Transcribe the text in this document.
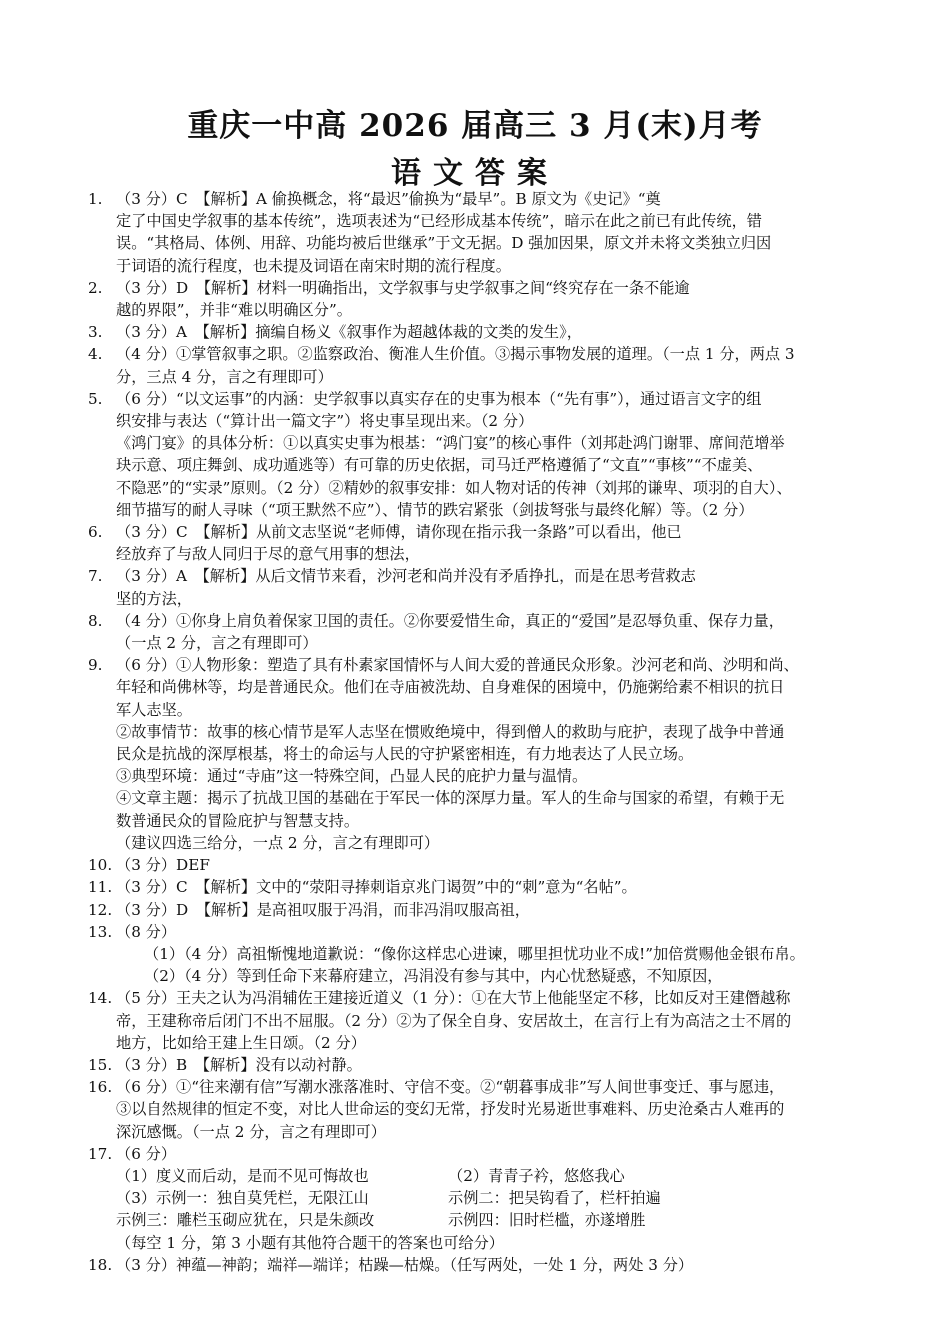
重庆一中高 2026 届高三 3 月(末)月考
语文答案
1. （3 分）C　【解析】A 偷换概念，将“最迟”偷换为“最早”。B 原文为《史记》“奠
定了中国史学叙事的基本传统”，选项表述为“已经形成基本传统”，暗示在此之前已有此传统，错
误。“其格局、体例、用辞、功能均被后世继承”于文无据。D 强加因果，原文并未将文类独立归因
于词语的流行程度，也未提及词语在南宋时期的流行程度。
2. （3 分）D　【解析】材料一明确指出，文学叙事与史学叙事之间“终究存在一条不能逾
越的界限”，并非“难以明确区分”。
3. （3 分）A　【解析】摘编自杨义《叙事作为超越体裁的文类的发生》，
4. （4 分）①掌管叙事之职。②监察政治、衡准人生价值。③揭示事物发展的道理。（一点 1 分，两点 3
分，三点 4 分，言之有理即可）
5. （6 分）“以文运事”的内涵：史学叙事以真实存在的史事为根本（“先有事”），通过语言文字的组
织安排与表达（“算计出一篇文字”）将史事呈现出来。（2 分）
《鸿门宴》的具体分析：①以真实史事为根基：“鸿门宴”的核心事件（刘邦赴鸿门谢罪、席间范增举
玦示意、项庄舞剑、成功遁逃等）有可靠的历史依据，司马迁严格遵循了“文直”“事核”“不虚美、
不隐恶”的“实录”原则。（2 分）②精妙的叙事安排：如人物对话的传神（刘邦的谦卑、项羽的自大）、
细节描写的耐人寻味（“项王默然不应”）、情节的跌宕紧张（剑拔弩张与最终化解）等。（2 分）
6. （3 分）C　【解析】从前文志坚说“老师傅，请你现在指示我一条路”可以看出，他已
经放弃了与敌人同归于尽的意气用事的想法，
7. （3 分）A　【解析】从后文情节来看，沙河老和尚并没有矛盾挣扎，而是在思考营救志
坚的方法，
8. （4 分）①你身上肩负着保家卫国的责任。②你要爱惜生命，真正的“爱国”是忍辱负重、保存力量，
（一点 2 分，言之有理即可）
9. （6 分）①人物形象：塑造了具有朴素家国情怀与人间大爱的普通民众形象。沙河老和尚、沙明和尚、
年轻和尚佛林等，均是普通民众。他们在寺庙被洗劫、自身难保的困境中，仍施粥给素不相识的抗日
军人志坚。
②故事情节：故事的核心情节是军人志坚在惯败绝境中，得到僧人的救助与庇护，表现了战争中普通
民众是抗战的深厚根基，将士的命运与人民的守护紧密相连，有力地表达了人民立场。
③典型环境：通过“寺庙”这一特殊空间，凸显人民的庇护力量与温情。
④文章主题：揭示了抗战卫国的基础在于军民一体的深厚力量。军人的生命与国家的希望，有赖于无
数普通民众的冒险庇护与智慧支持。
（建议四选三给分，一点 2 分，言之有理即可）
10. （3 分）DEF
11. （3 分）C　【解析】文中的“荥阳寻捧刺诣京兆门谒贺”中的“刺”意为“名帖”。
12. （3 分）D　【解析】是高祖叹服于冯涓，而非冯涓叹服高祖，
13. （8 分）
（1）（4 分）高祖惭愧地道歉说：“像你这样忠心进谏，哪里担忧功业不成!”加倍赏赐他金银布帛。
（2）（4 分）等到任命下来幕府建立，冯涓没有参与其中，内心忧愁疑惑，不知原因，
14. （5 分）王夫之认为冯涓辅佐王建接近道义（1 分）：①在大节上他能坚定不移，比如反对王建僭越称
帝，王建称帝后闭门不出不屈服。（2 分）②为了保全自身、安居故土，在言行上有为高洁之士不屑的
地方，比如给王建上生日颂。（2 分）
15. （3 分）B　【解析】没有以动衬静。
16. （6 分）①“往来潮有信”写潮水涨落准时、守信不变。②“朝暮事成非”写人间世事变迁、事与愿违，
③以自然规律的恒定不变，对比人世命运的变幻无常，抒发时光易逝世事难料、历史沧桑古人难再的
深沉感慨。（一点 2 分，言之有理即可）
17. （6 分）
（1）度义而后动，是而不见可悔故也	（2）青青子衿，悠悠我心
（3）示例一：独自莫凭栏，无限江山	示例二：把吴钩看了，栏杆拍遍
示例三：雕栏玉砌应犹在，只是朱颜改	示例四：旧时栏槛，亦遂增胜
（每空 1 分，第 3 小题有其他符合题干的答案也可给分）
18. （3 分）神蕴—神韵；端祥—端详；枯躁—枯燥。（任写两处，一处 1 分，两处 3 分）
